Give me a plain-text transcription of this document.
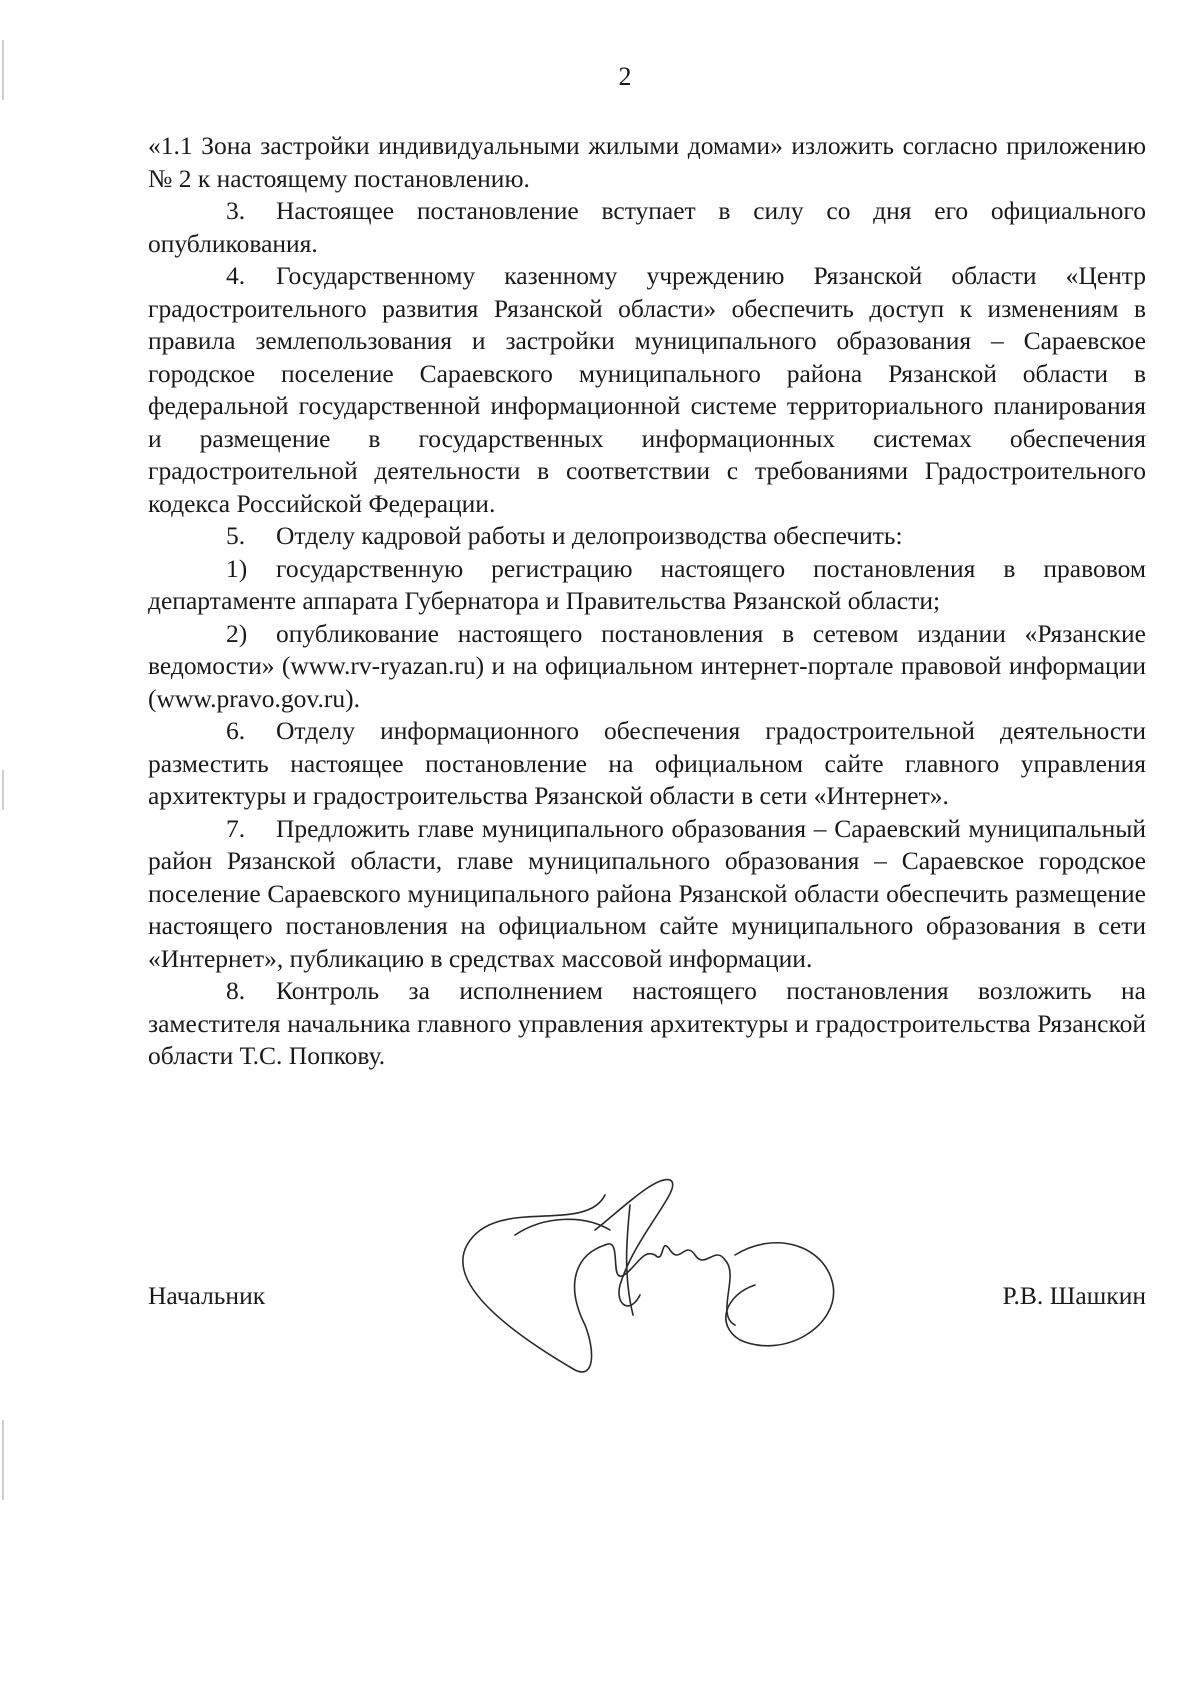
2

«1.1 Зона застройки индивидуальными жилыми домами» изложить согласно приложению № 2 к настоящему постановлению.

3. Настоящее постановление вступает в силу со дня его официального опубликования.

4. Государственному казенному учреждению Рязанской области «Центр градостроительного развития Рязанской области» обеспечить доступ к изменениям в правила землепользования и застройки муниципального образования – Сараевское городское поселение Сараевского муниципального района Рязанской области в федеральной государственной информационной системе территориального планирования и размещение в государственных информационных системах обеспечения градостроительной деятельности в соответствии с требованиями Градостроительного кодекса Российской Федерации.

5. Отделу кадровой работы и делопроизводства обеспечить:

1) государственную регистрацию настоящего постановления в правовом департаменте аппарата Губернатора и Правительства Рязанской области;

2) опубликование настоящего постановления в сетевом издании «Рязанские ведомости» (www.rv-ryazan.ru) и на официальном интернет-портале правовой информации (www.pravo.gov.ru).

6. Отделу информационного обеспечения градостроительной деятельности разместить настоящее постановление на официальном сайте главного управления архитектуры и градостроительства Рязанской области в сети «Интернет».

7. Предложить главе муниципального образования – Сараевский муниципальный район Рязанской области, главе муниципального образования – Сараевское городское поселение Сараевского муниципального района Рязанской области обеспечить размещение настоящего постановления на официальном сайте муниципального образования в сети «Интернет», публикацию в средствах массовой информации.

8. Контроль за исполнением настоящего постановления возложить на заместителя начальника главного управления архитектуры и градостроительства Рязанской области Т.С. Попкову.

Начальник	Р.В. Шашкин
